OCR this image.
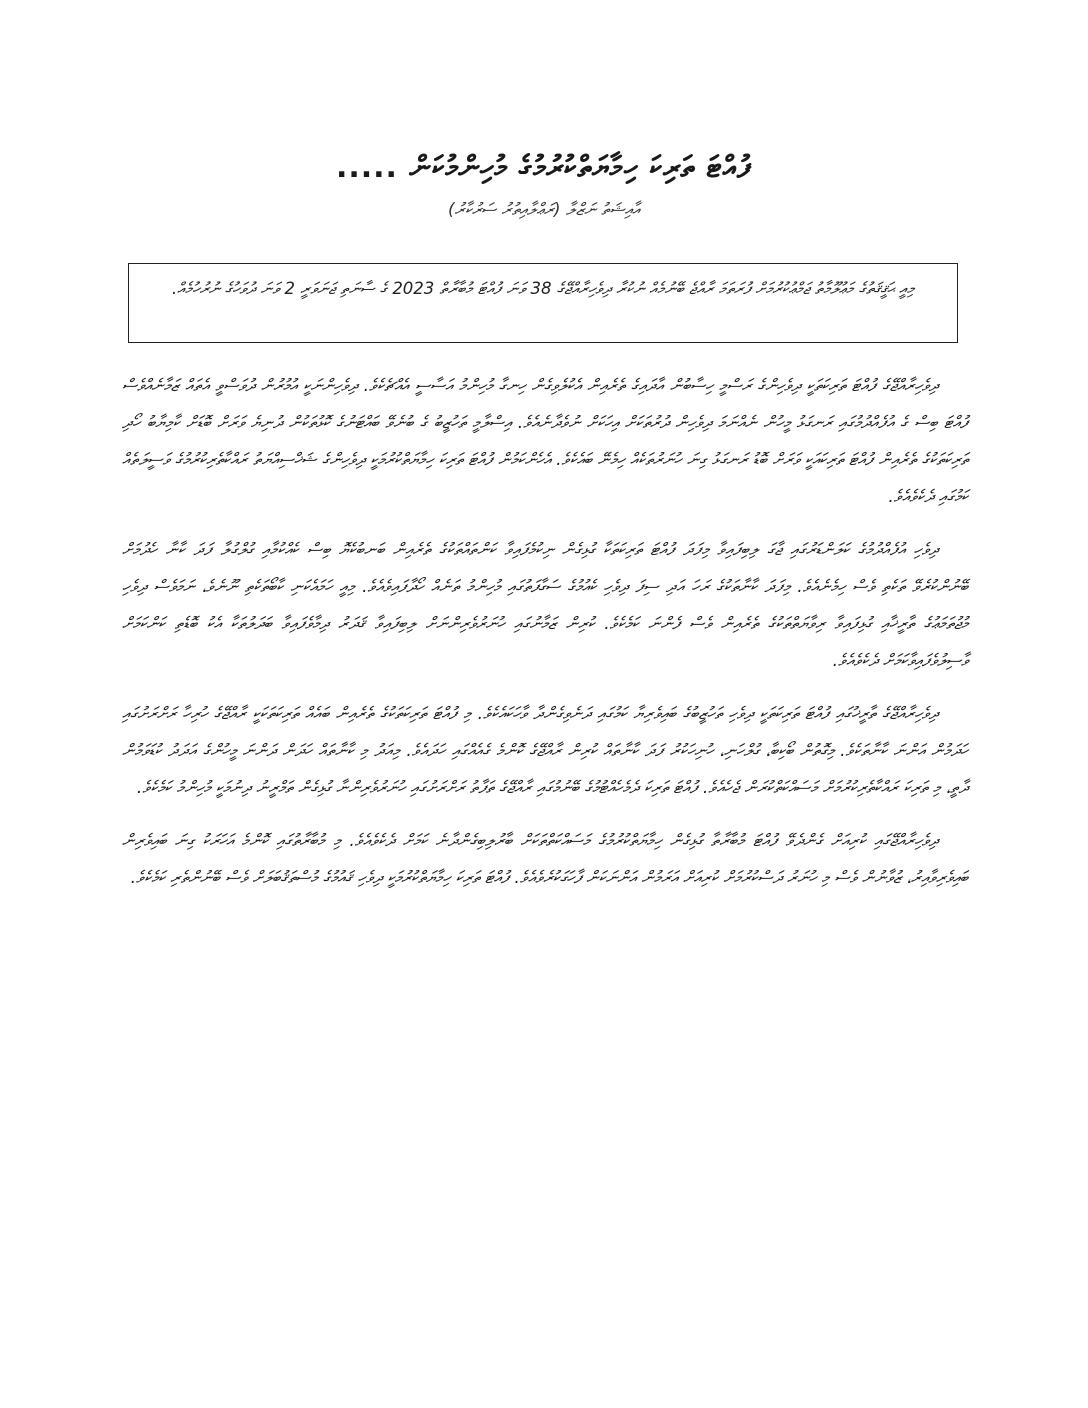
ފުއްޓަ ތަރިކަ ހިމާޔަތްކުރުމުގެ މުހިންމުކަން .....
އާއިޝަތު ނަޒްލާ (ރަޢްލާއިތުރު ސަރުކާރު)
މިއީ ޙަޤީޤަތުގެ މަޢުލޫމާތު ޖަމްޢުކުރުމަށް ފުރަތަމަ ރާއްޖެ ބޭނުމެއް ނުކުރާ ދިވެހިރާއްޖޭގެ 38 ވަނަ ފުއްޓަ މުބާރާތް 2023 ގެ ސާނަތި ޖަނަވަރީ 2 ވަނަ ދުވަހުގެ ނުރުހުމެއް.

ދިވެހިރާއްޖޭގެ ފުއްޓަ ތަރިކަތަކީ ދިވެހިންގެ ރަސްމީ ހިސާބުން އާދައިގެ ތެރެއިން އެކުލެވިގެން ހިނގާ މުހިންމު އަސާސީ އެއްޗެކެވެ. ދިވެހިންނަކީ އުމުރުން ދުވަސްވީ އެތައް ޒަމާނެއްވެސް ފުއްޓަ ބިސް ގެ އުފެއްދުމުގައި ރަނގަޅު މީހުން ނެއްނަމަ ދިވެހިން ދުރުތަކަށް އިހަކަށް ނުވެދާނެއެވެ. އިސްލާމީ ތަހުޒީބު ގެ ބުނެވޭ ބައްޓަނުގެ ކޮޅުތަކުން ދުނިޔެ ވަރަށް ބޮޑަށް ކާމިޔާބު ހޯދި ތަރިކަތަކުގެ ތެރެއިން ފުއްޓަ ތަރިކައަކީ ވަރަށް ބޮޑު ރަނގަޅު ގިނަ ހުނަރުތަކެއް ހިމެނޭ ބައެކެވެ. އެހެންކަމުން ފުއްޓަ ތަރިކަ ހިމާޔަތްކުރުމަކީ ދިވެހިންގެ ޝަޚްސިއްޔަތު ރައްކާތެރިކުރުމުގެ ވަސީލަތެއް ކަމުގައި ދެކެވެއެވެ.

ދިވެހި އުފެއްދުމުގެ ކަލަންޑަރުގައި ޖާގަ ލިބިފައިވާ މިފަދަ ފުއްޓަ ތަރިކަތަކާ ގުޅިގެން ނިކުމެފައިވާ ކަންތައްތަކުގެ ތެރެއިން ބަނބުކެޔޮ ބިސް ކެއްކުމާއި ގުލްގުލާ ފަދަ ކާނާ ހެދުމަށް ބޭނުންކުރެވޭ ތަކެތި ވެސް ހިމެނެއެވެ. މިފަދަ ކާނާތަކުގެ ރަހަ އަދި ސިފަ ދިވެހި ކެއުމުގެ ސަގާފަތުގައި މުހިންމު ތަނެއް ހޯދާފައިވެއެވެ. މިއީ ހަމައެކަނި ކާބޯތަކެތި ނޫނެވެ، ނަމަވެސް ދިވެހި މުޖުތަމަޢުގެ ތާރީޚާއި ގުޅިފައިވާ ރިވާޔަތްތަކުގެ ތެރެއިން ވެސް ފެންނަ ކަމެކެވެ. ކުރިން ޒަމާނުގައި ހުނަރުވެރިންނަށް ލިބިފައިވާ ޤަދަރު ދިމާވެފައިވާ ބަދަލުތަކާ އެކު ބޮޑެތި ކަންކަމަށް ވާސިލުވެފައިވާކަމަށް ދެކެވެއެވެ.

ދިވެހިރާއްޖޭގެ ތާރީޚުގައި ފުއްޓަ ތަރިކަތަކީ ދިވެހި ތަހުޒީބުގެ ބައިވެރިޔާ ކަމުގައި ދަނެވިގެންދާ ވާހަކައެކެވެ. މި ފުއްޓަ ތަރިކަތަކުގެ ތެރެއިން ބައެއް ތަރިކަތަކަކީ ރާއްޖޭގެ ހުރިހާ ރަށްރަށުގައި ހަދަމުން އަންނަ ކާނާތަކެވެ. މިގޮތުން ބޯކިބާ، ގުލްހަނި، ހުނިހަކުރު ފަދަ ކާނާތައް ކުރިން ރާއްޖޭގެ ކޮންމެ ގެއެއްގައި ހަދައެވެ. މިއަދު މި ކާނާތައް ހަދަން ދަންނަ މީހުންގެ އަދަދު ކުޑަވަމުން ދާތީ، މި ތަރިކަ ރައްކާތެރިކުރުމަށް މަސައްކަތްކުރަން ޖެހެއެވެ. ފުއްޓަ ތަރިކަ ދެމެހެއްޓުމުގެ ބޭނުމުގައި ރާއްޖޭގެ ތަފާތު ރަށްރަށުގައި ހުނަރުވެރިންނާ ގުޅިގެން ތަމްރީނު ދިނުމަކީ މުހިންމު ކަމެކެވެ.

ދިވެހިރާއްޖޭގައި ކުރިއަށް ގެންދެވޭ ފުއްޓަ މުބާރާތާ ގުޅިގެން ހިމާޔަތްކުރުމުގެ މަސައްކަތްތަކަށް ބާރުލިބިގެންދާނެ ކަމަށް ދެކެވެއެވެ. މި މުބާރާތުގައި ކޮންމެ އަހަރަކު ގިނަ ބައިވެރިން ބައިވެރިވާއިރު، ޒުވާނުން ވެސް މި ހުނަރު ދަސްކުރުމަށް ކުރިއަށް އަރަމުން އަންނަކަން ފާހަގަކުރެވެއެވެ. ފުއްޓަ ތަރިކަ ހިމާޔަތްކުރުމަކީ ދިވެހި ޤައުމުގެ މުސްތަޤުބަލަށް ވެސް ބޭނުންތެރި ކަމެކެވެ.
